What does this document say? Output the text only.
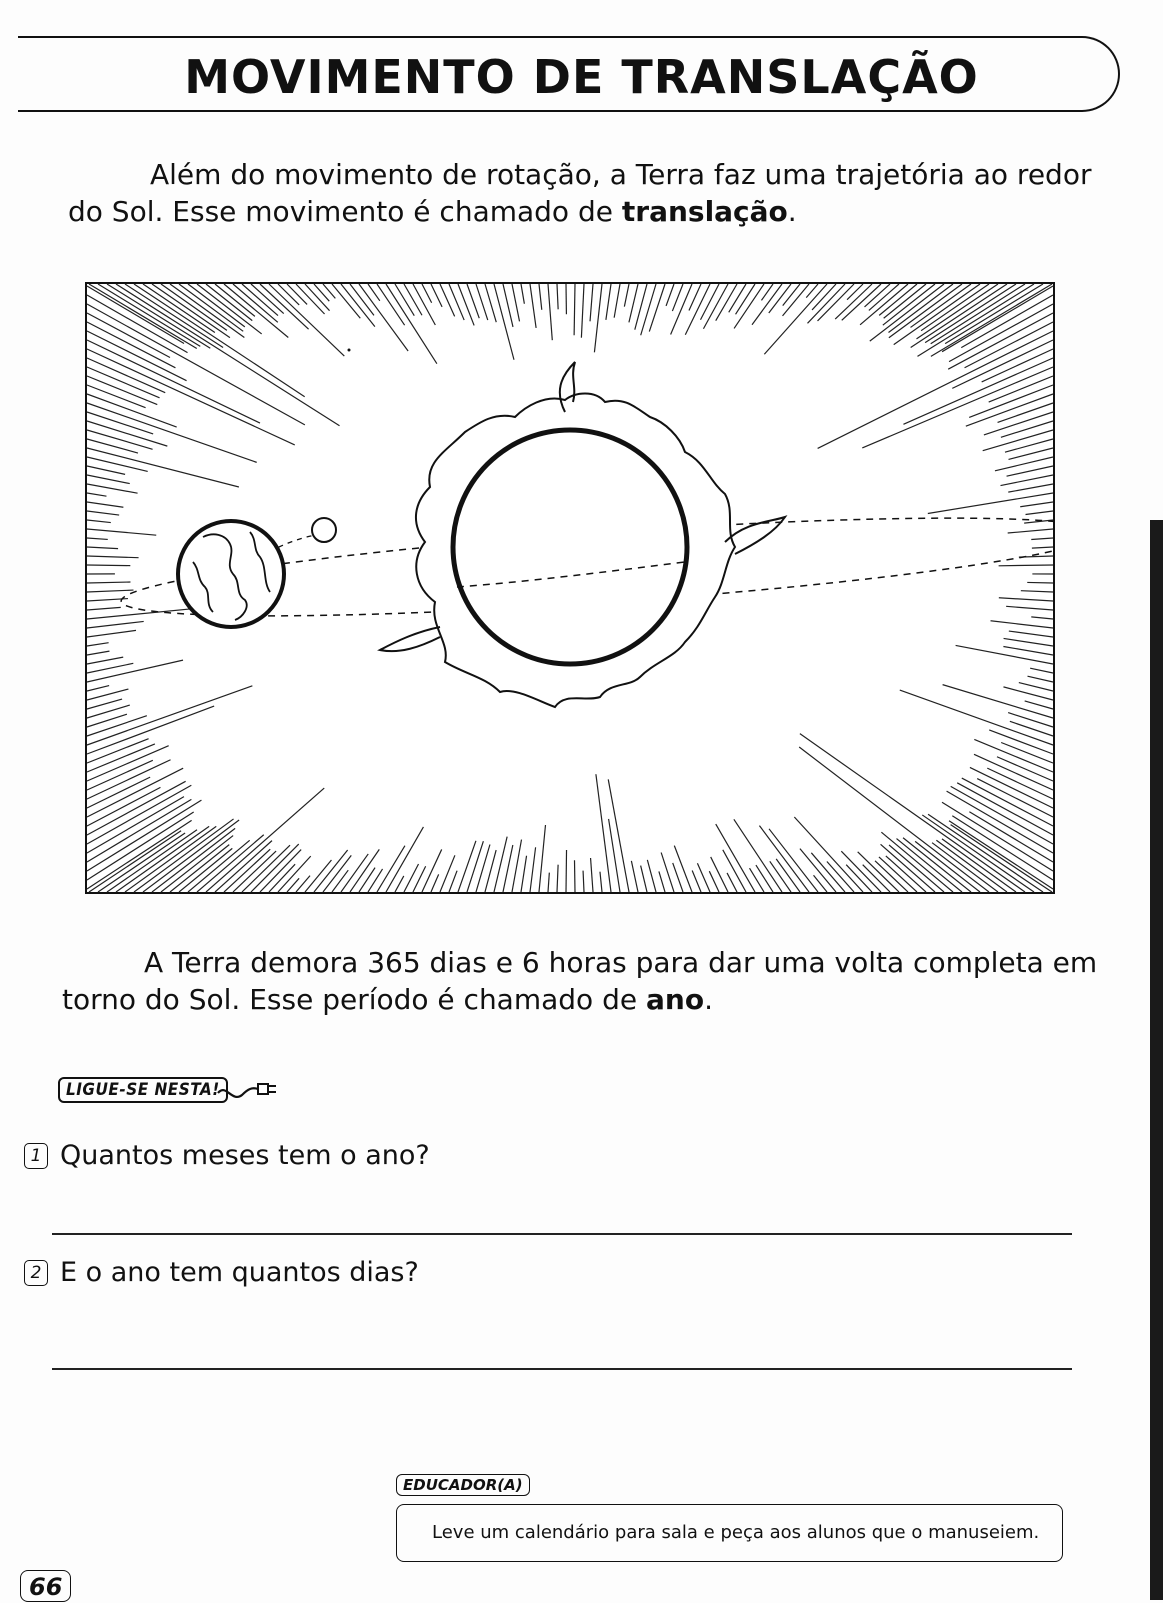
MOVIMENTO DE TRANSLAÇÃO
Além do movimento de rotação, a Terra faz uma trajetória ao redor do Sol. Esse movimento é chamado de translação.
A Terra demora 365 dias e 6 horas para dar uma volta completa em torno do Sol. Esse período é chamado de ano.
LIGUE-SE NESTA!
1 Quantos meses tem o ano?
2 E o ano tem quantos dias?
EDUCADOR(A)
Leve um calendário para sala e peça aos alunos que o manuseiem.
66
